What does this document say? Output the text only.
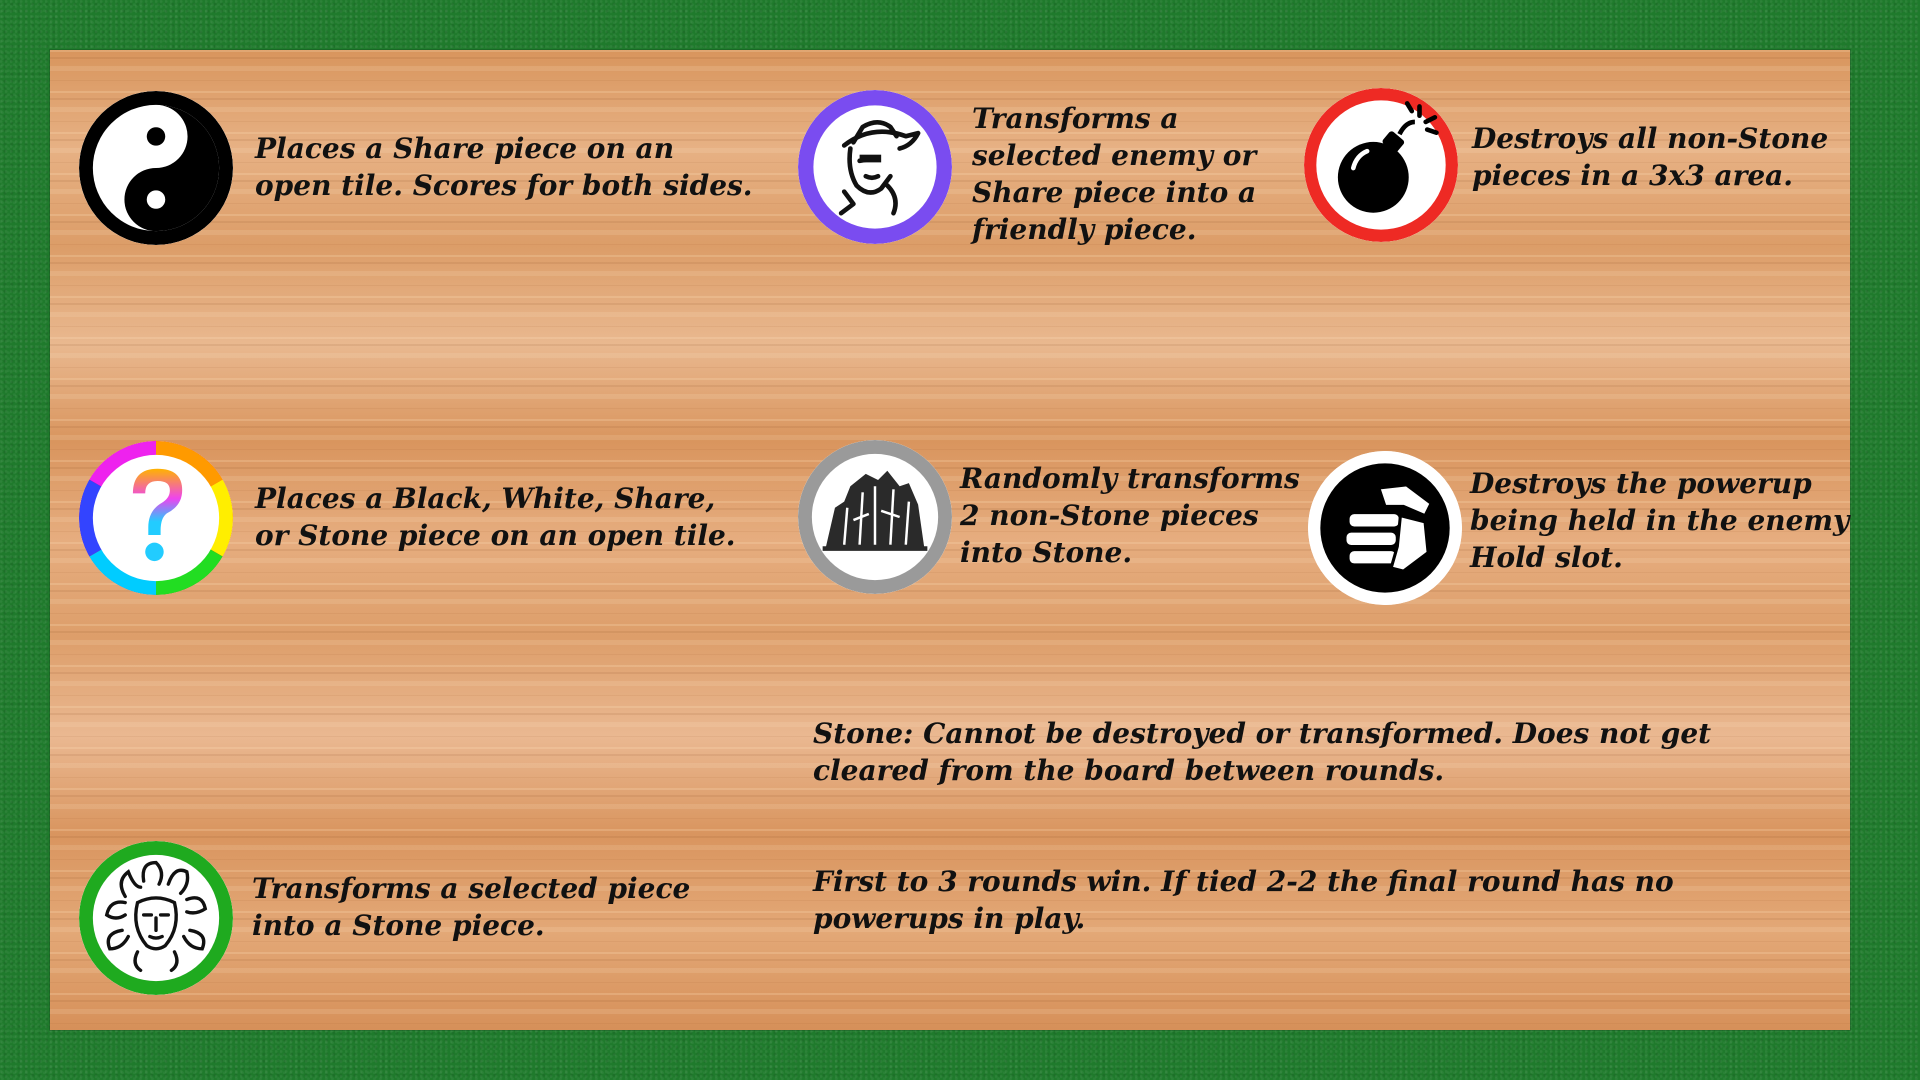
Places a Share piece on an open tile. Scores for both sides.

Transforms a selected enemy or Share piece into a friendly piece.

Destroys all non-Stone pieces in a 3x3 area.

Places a Black, White, Share, or Stone piece on an open tile.

Randomly transforms 2 non-Stone pieces into Stone.

Destroys the powerup being held in the enemy Hold slot.

Transforms a selected piece into a Stone piece.

Stone: Cannot be destroyed or transformed. Does not get cleared from the board between rounds.

First to 3 rounds win. If tied 2-2 the final round has no powerups in play.
